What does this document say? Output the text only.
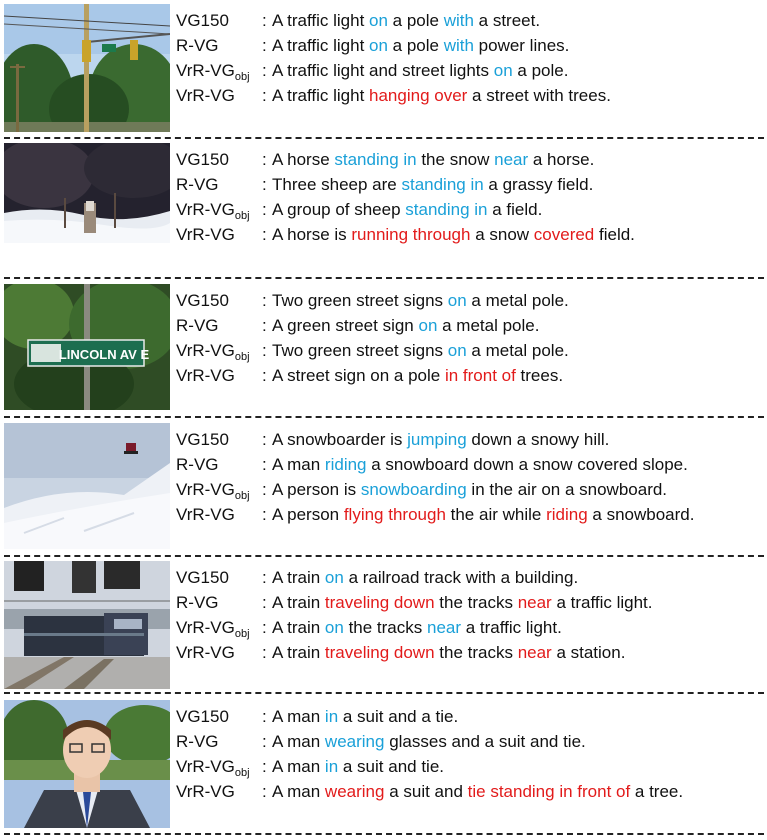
VG150	: A traffic light on a pole with a street.
R-VG	: A traffic light on a pole with power lines.
VrR-$VG_{obj}$ : A traffic light and street lights on a pole.
VrR-VG	: A traffic light hanging over a street with trees.
VG150	: A horse standing in the snow near a horse.
R-VG	: Three sheep are standing in a grassy field.
VrR-$VG_{obj}$ : A group of sheep standing in a field.
VrR-VG	: A horse is running through a snow covered field.
LINCOLN AV E
VG150	: Two green street signs on a metal pole.
R-VG	: A green street sign on a metal pole.
VrR-$VG_{obj}$ : Two green street signs on a metal pole.
VrR-VG	: A street sign on a pole in front of trees.
VG150	: A snowboarder is jumping down a snowy hill.
R-VG	: A man riding a snowboard down a snow covered slope.
VrR-$VG_{obj}$ : A person is snowboarding in the air on a snowboard.
VrR-VG	: A person flying through the air while riding a snowboard.
VG150	: A train on a railroad track with a building.
R-VG	: A train traveling down the tracks near a traffic light.
VrR-$VG_{obj}$ : A train on the tracks near a traffic light.
VrR-VG	: A train traveling down the tracks near a station.
VG150	: A man in a suit and a tie.
R-VG	: A man wearing glasses and a suit and tie.
VrR-$VG_{obj}$ : A man in a suit and tie.
VrR-VG	: A man wearing a suit and tie standing in front of a tree.
